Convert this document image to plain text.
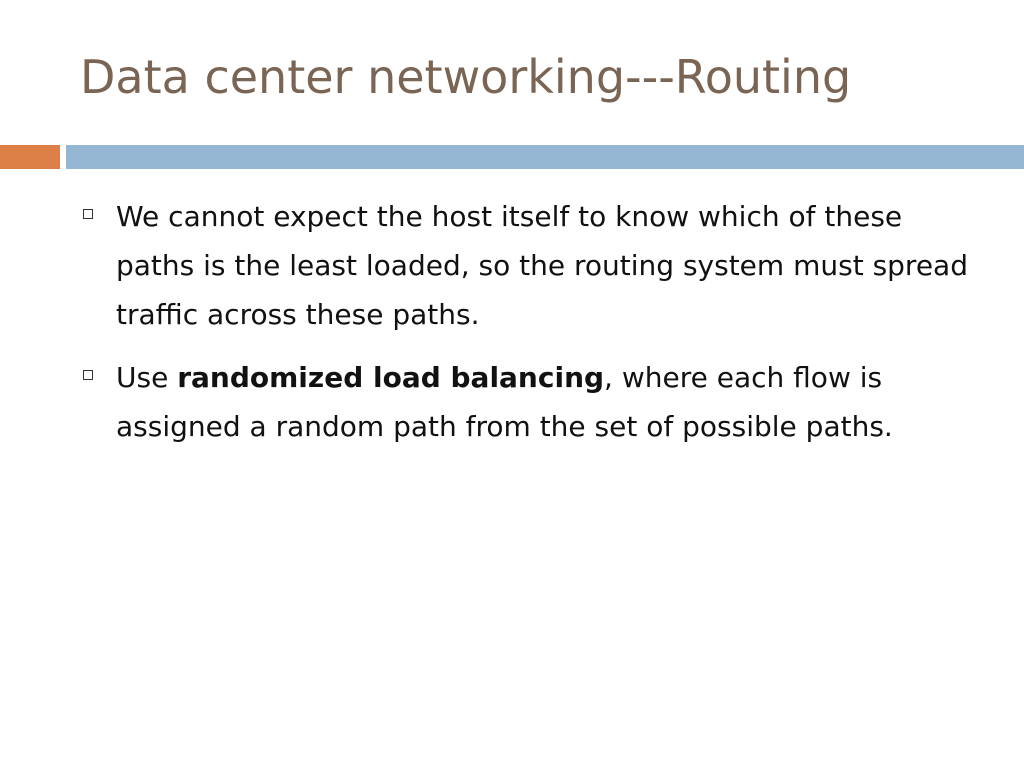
Data center networking---Routing
We cannot expect the host itself to know which of these paths is the least loaded, so the routing system must spread traffic across these paths.
Use randomized load balancing, where each flow is assigned a random path from the set of possible paths.
